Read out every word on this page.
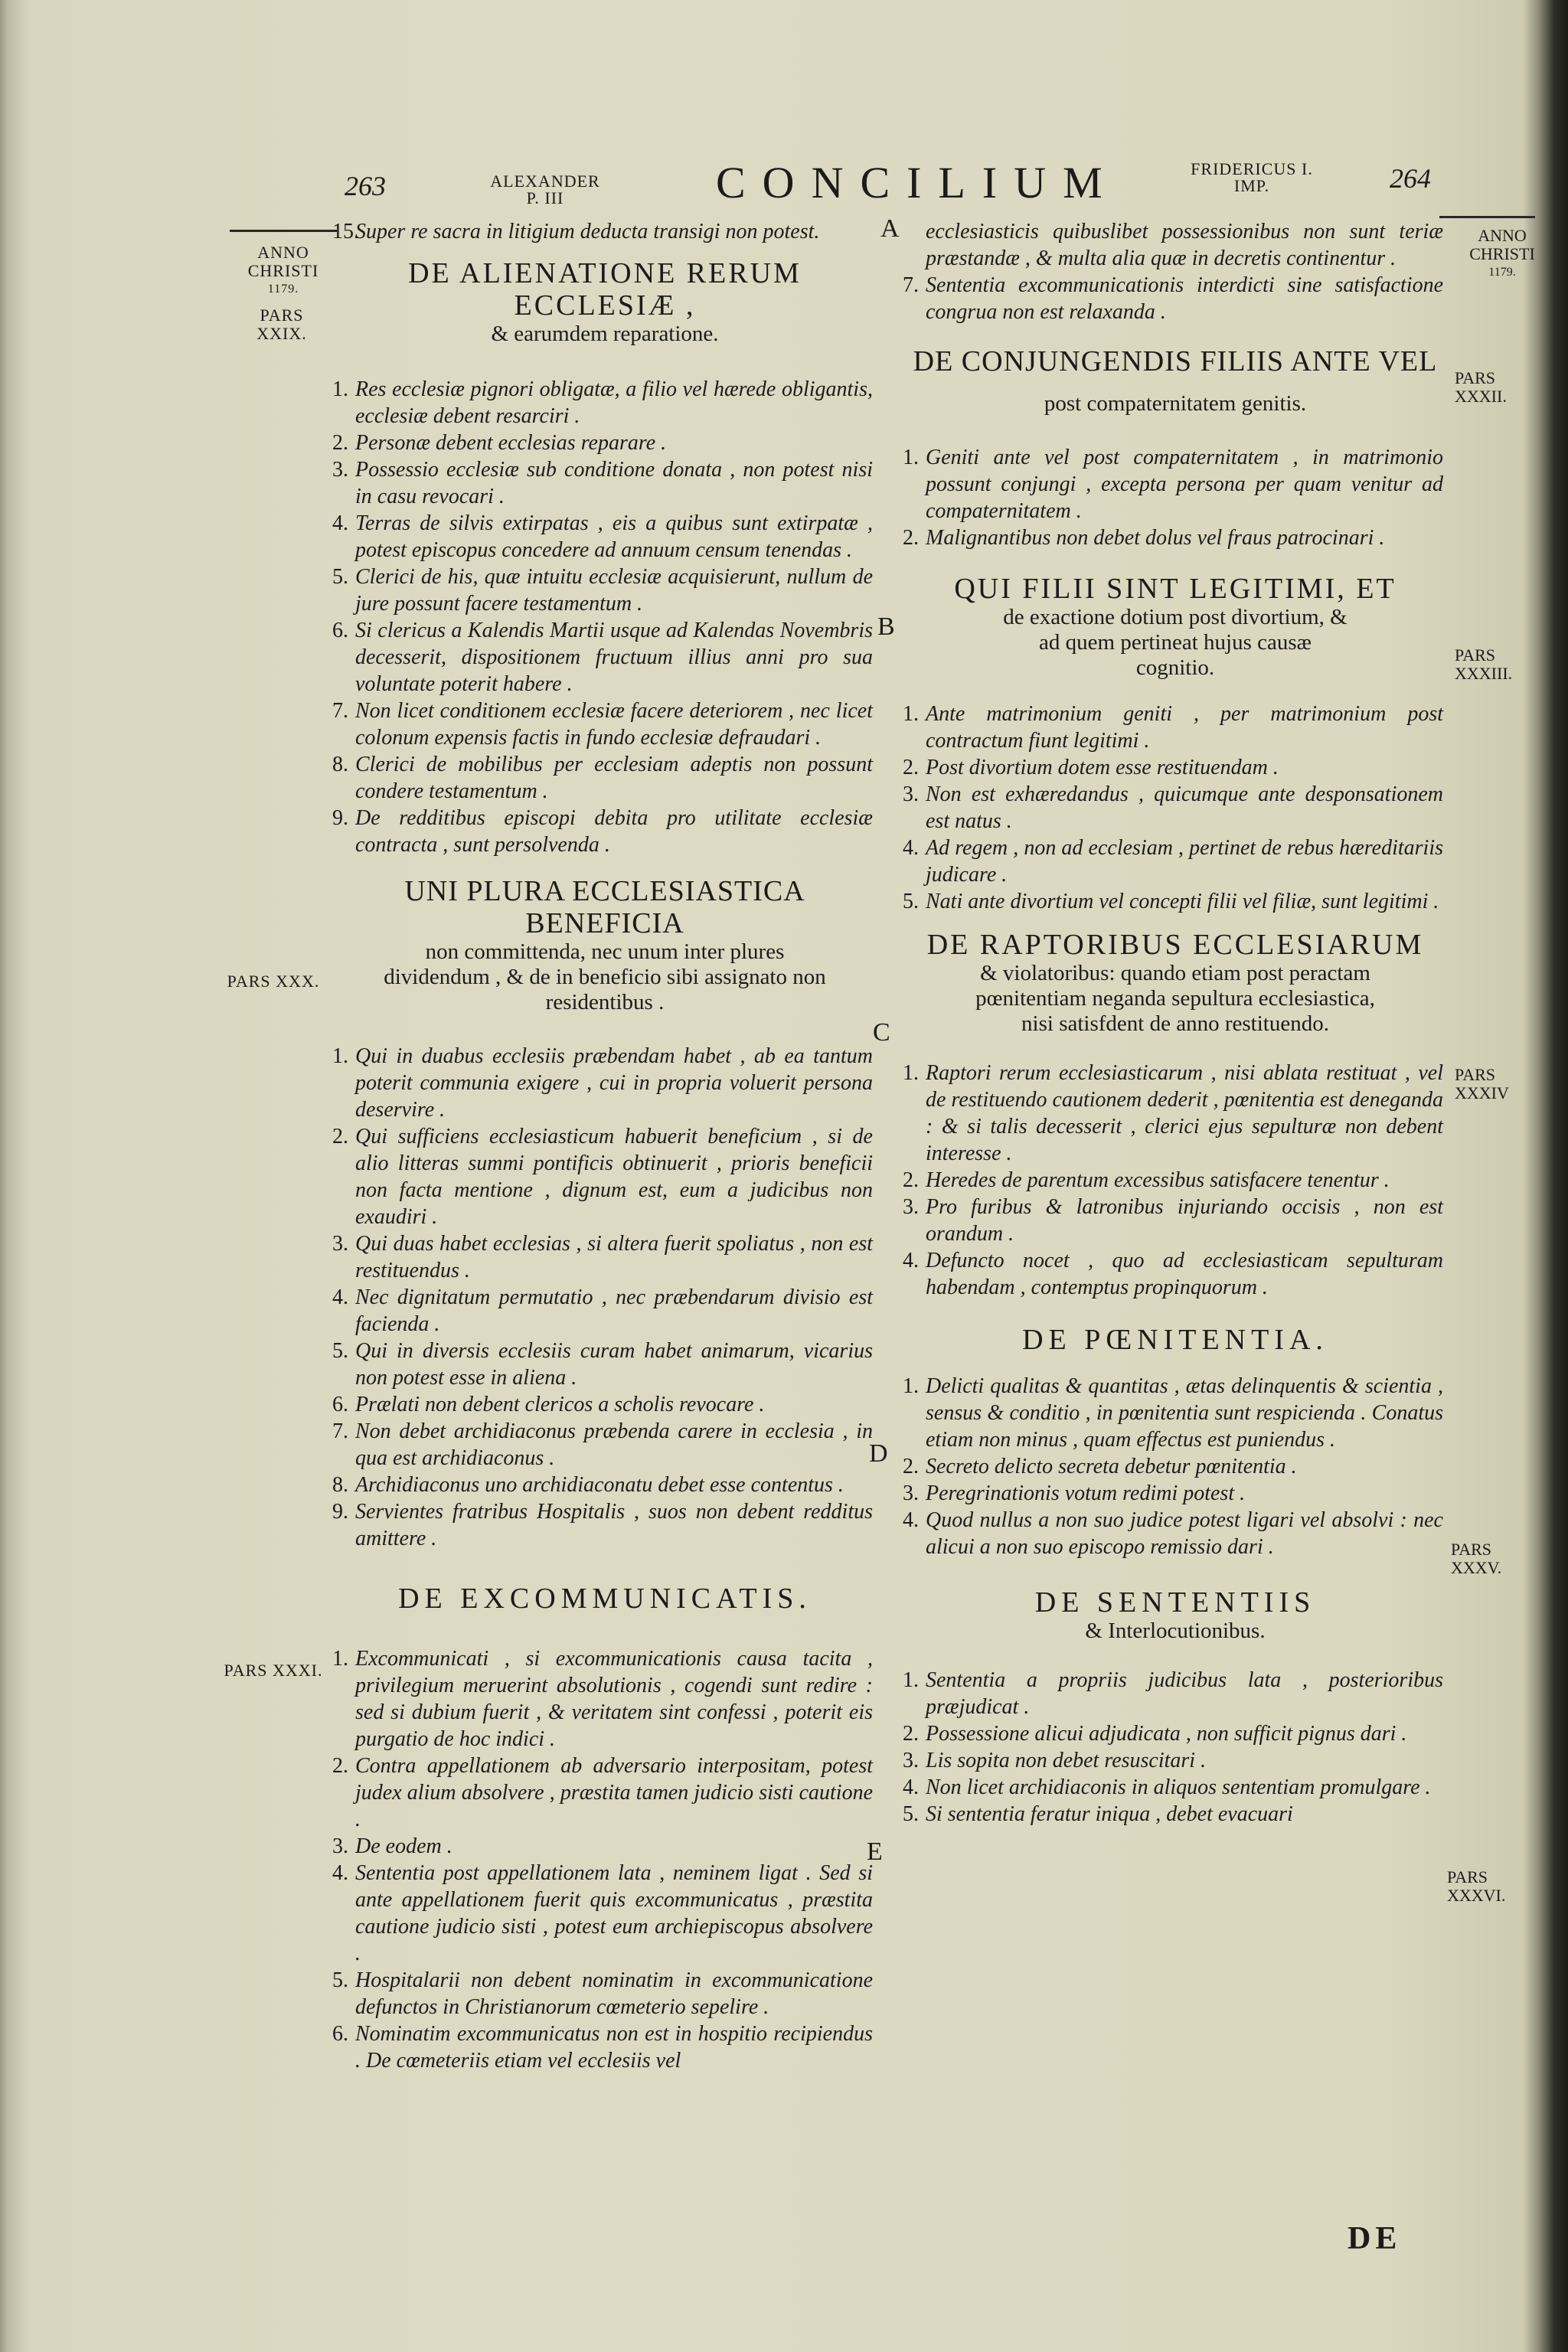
263	ALEXANDER
P. III	CONCILIUM	FRIDERICUS I.
IMP.	264
ANNO
CHRISTI
1179.
PARS
XXIX.
PARS XXX.
PARS XXXI.
ANNO
CHRISTI
1179.
PARS
XXXII.
PARS
XXXIII.
PARS
XXXIV
PARS
XXXV.
PARS
XXXVI.
A
B
C
D
E
15.
Super re sacra in litigium deducta transigi non potest.
DE ALIENATIONE RERUM ECCLESIÆ ,
& earumdem reparatione.
1. Res ecclesiæ pignori obligatæ, a filio vel hærede obligantis, ecclesiæ debent resarciri .
2. Personæ debent ecclesias reparare .
3. Possessio ecclesiæ sub conditione donata , non potest nisi in casu revocari .
4. Terras de silvis extirpatas , eis a quibus sunt extirpatæ , potest episcopus concedere ad annuum censum tenendas .
5. Clerici de his, quæ intuitu ecclesiæ acquisierunt, nullum de jure possunt facere testamentum .
6. Si clericus a Kalendis Martii usque ad Kalendas Novembris decesserit, dispositionem fructuum illius anni pro sua voluntate poterit habere .
7. Non licet conditionem ecclesiæ facere deteriorem , nec licet colonum expensis factis in fundo ecclesiæ defraudari .
8. Clerici de mobilibus per ecclesiam adeptis non possunt condere testamentum .
9. De redditibus episcopi debita pro utilitate ecclesiæ contracta , sunt persolvenda .
UNI PLURA ECCLESIASTICA BENEFICIA
non committenda, nec unum inter plures dividendum , & de in beneficio sibi assignato non residentibus .
1. Qui in duabus ecclesiis præbendam habet , ab ea tantum poterit communia exigere , cui in propria voluerit persona deservire .
2. Qui sufficiens ecclesiasticum habuerit beneficium , si de alio litteras summi pontificis obtinuerit , prioris beneficii non facta mentione , dignum est, eum a judicibus non exaudiri .
3. Qui duas habet ecclesias , si altera fuerit spoliatus , non est restituendus .
4. Nec dignitatum permutatio , nec præbendarum divisio est facienda .
5. Qui in diversis ecclesiis curam habet animarum, vicarius non potest esse in aliena .
6. Prælati non debent clericos a scholis revocare .
7. Non debet archidiaconus præbenda carere in ecclesia , in qua est archidiaconus .
8. Archidiaconus uno archidiaconatu debet esse contentus .
9. Servientes fratribus Hospitalis , suos non debent redditus amittere .
DE EXCOMMUNICATIS.
1. Excommunicati , si excommunicationis causa tacita , privilegium meruerint absolutionis , cogendi sunt redire : sed si dubium fuerit , & veritatem sint confessi , poterit eis purgatio de hoc indici .
2. Contra appellationem ab adversario interpositam, potest judex alium absolvere , præstita tamen judicio sisti cautione .
3. De eodem .
4. Sententia post appellationem lata , neminem ligat . Sed si ante appellationem fuerit quis excommunicatus , præstita cautione judicio sisti , potest eum archiepiscopus absolvere .
5. Hospitalarii non debent nominatim in excommunicatione defunctos in Christianorum cœmeterio sepelire .
6. Nominatim excommunicatus non est in hospitio recipiendus . De cœmeteriis etiam vel ecclesiis vel
ecclesiasticis quibuslibet possessionibus non sunt teriæ præstandæ , & multa alia quæ in decretis continentur .
7. Sententia excommunicationis interdicti sine satisfactione congrua non est relaxanda .
DE CONJUNGENDIS FILIIS ANTE VEL
post compaternitatem genitis.
1. Geniti ante vel post compaternitatem , in matrimonio possunt conjungi , excepta persona per quam venitur ad compaternitatem .
2. Malignantibus non debet dolus vel fraus patrocinari .
QUI FILII SINT LEGITIMI, ET
de exactione dotium post divortium, & ad quem pertineat hujus causæ cognitio.
1. Ante matrimonium geniti , per matrimonium post contractum fiunt legitimi .
2. Post divortium dotem esse restituendam .
3. Non est exhæredandus , quicumque ante desponsationem est natus .
4. Ad regem , non ad ecclesiam , pertinet de rebus hæreditariis judicare .
5. Nati ante divortium vel concepti filii vel filiæ, sunt legitimi .
DE RAPTORIBUS ECCLESIARUM
& violatoribus: quando etiam post peractam pœnitentiam neganda sepultura ecclesiastica, nisi satisfdent de anno restituendo.
1. Raptori rerum ecclesiasticarum , nisi ablata restituat , vel de restituendo cautionem dederit , pœnitentia est deneganda : & si talis decesserit , clerici ejus sepulturæ non debent interesse .
2. Heredes de parentum excessibus satisfacere tenentur .
3. Pro furibus & latronibus injuriando occisis , non est orandum .
4. Defuncto nocet , quo ad ecclesiasticam sepulturam habendam , contemptus propinquorum .
DE PŒNITENTIA.
1. Delicti qualitas & quantitas , ætas delinquentis & scientia , sensus & conditio , in pœnitentia sunt respicienda . Conatus etiam non minus , quam effectus est puniendus .
2. Secreto delicto secreta debetur pœnitentia .
3. Peregrinationis votum redimi potest .
4. Quod nullus a non suo judice potest ligari vel absolvi : nec alicui a non suo episcopo remissio dari .
DE SENTENTIIS
& Interlocutionibus.
1. Sententia a propriis judicibus lata , posterioribus præjudicat .
2. Possessione alicui adjudicata , non sufficit pignus dari .
3. Lis sopita non debet resuscitari .
4. Non licet archidiaconis in aliquos sententiam promulgare .
5. Si sententia feratur iniqua , debet evacuari
DE
